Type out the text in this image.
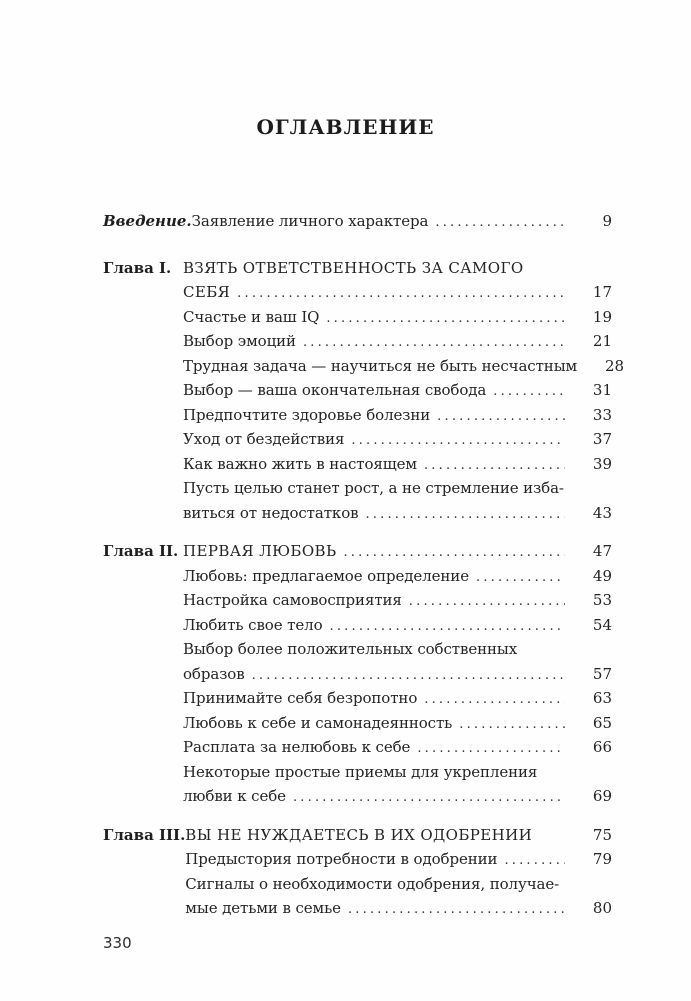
ОГЛАВЛЕНИЕ
Введение. Заявление личного характера .....	9
Глава I. ВЗЯТЬ ОТВЕТСТВЕННОСТЬ ЗА САМОГО
СЕБЯ .....	17
Счастье и ваш IQ .....	19
Выбор эмоций .....	21
Трудная задача — научиться не быть несчастным	28
Выбор — ваша окончательная свобода .....	31
Предпочтите здоровье болезни .....	33
Уход от бездействия .....	37
Как важно жить в настоящем .....	39
Пусть целью станет рост, а не стремление изба-
виться от недостатков .....	43
Глава II. ПЕРВАЯ ЛЮБОВЬ .....	47
Любовь: предлагаемое определение .....	49
Настройка самовосприятия .....	53
Любить свое тело .....	54
Выбор более положительных собственных
образов .....	57
Принимайте себя безропотно .....	63
Любовь к себе и самонадеянность .....	65
Расплата за нелюбовь к себе .....	66
Некоторые простые приемы для укрепления
любви к себе .....	69
Глава III. ВЫ НЕ НУЖДАЕТЕСЬ В ИХ ОДОБРЕНИИ	75
Предыстория потребности в одобрении .....	79
Сигналы о необходимости одобрения, получае-
мые детьми в семье .....	80
330
